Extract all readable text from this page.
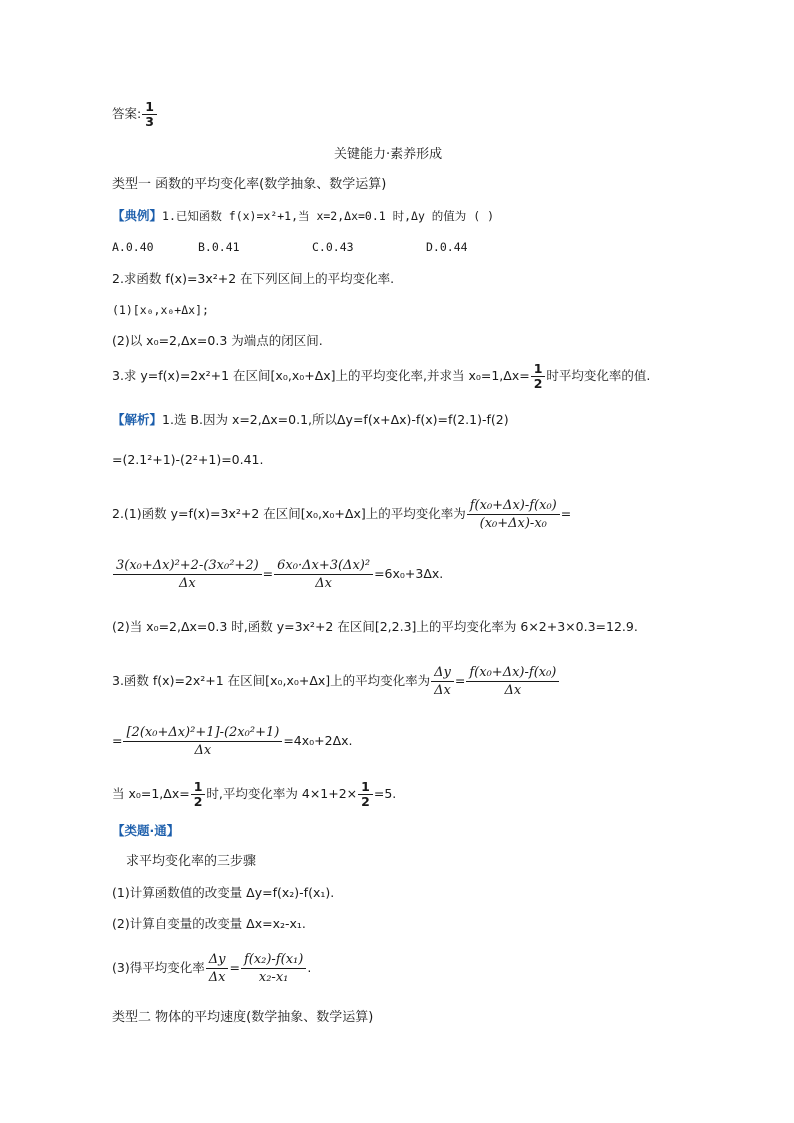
答案: $\frac{1}{3}$
关键能力·素养形成
类型一 函数的平均变化率(数学抽象、数学运算)
【典例】1.已知函数 f(x)=x²+1,当 x=2,Δx=0.1 时,Δy 的值为 ( )
A.0.40	B.0.41	C.0.43	D.0.44
2.求函数 f(x)=3x²+2 在下列区间上的平均变化率.
(1)[x₀,x₀+Δx];
(2)以 x₀=2,Δx=0.3 为端点的闭区间.
3.求 y=f(x)=2x²+1 在区间[x₀,x₀+Δx]上的平均变化率,并求当 $x_0=1,\Delta x= \frac{1}{2}$ 时平均变化率的值.
【解析】1.选 B.因为 x=2,Δx=0.1,所以Δy=f(x+Δx)-f(x)=f(2.1)-f(2)
=(2.1²+1)-(2²+1)=0.41.
2.(1)函数 y=f(x)=3x²+2 在区间[x₀,x₀+Δx]上的平均变化率为 $\frac{\text{f(x₀+Δx)-f(x₀)}}{\text{(x₀+Δx)-x₀}}$ =
$\frac{\text{3(x₀+Δx)²+2-(3x₀²+2)}}{\Delta x} = \frac{\text{6x₀·Δx+3(Δx)²}}{\Delta x} =6x_0+3\Delta x$.
(2)当 x₀=2,Δx=0.3 时,函数 y=3x²+2 在区间[2,2.3]上的平均变化率为 6×2+3×0.3=12.9.
3.函数 f(x)=2x²+1 在区间[x₀,x₀+Δx]上的平均变化率为 $\frac{\Delta y}{\Delta x} = \frac{\text{f(x₀+Δx)-f(x₀)}}{\Delta x}$
= $\frac{\text{[2(x₀+Δx)²+1]-(2x₀²+1)}}{\Delta x} =4x_0+2\Delta x$.
当 $x_0=1,\Delta x= \frac{1}{2}$ 时,平均变化率为 $4\times 1+2\times \frac{1}{2} =5$.
【类题·通】
求平均变化率的三步骤
(1)计算函数值的改变量 Δy=f(x₂)-f(x₁).
(2)计算自变量的改变量 Δx=x₂-x₁.
(3)得平均变化率 $\frac{\Delta y}{\Delta x} = \frac{\text{f(x₂)-f(x₁)}}{\text{x₂-x₁}}$ .
类型二 物体的平均速度(数学抽象、数学运算)
